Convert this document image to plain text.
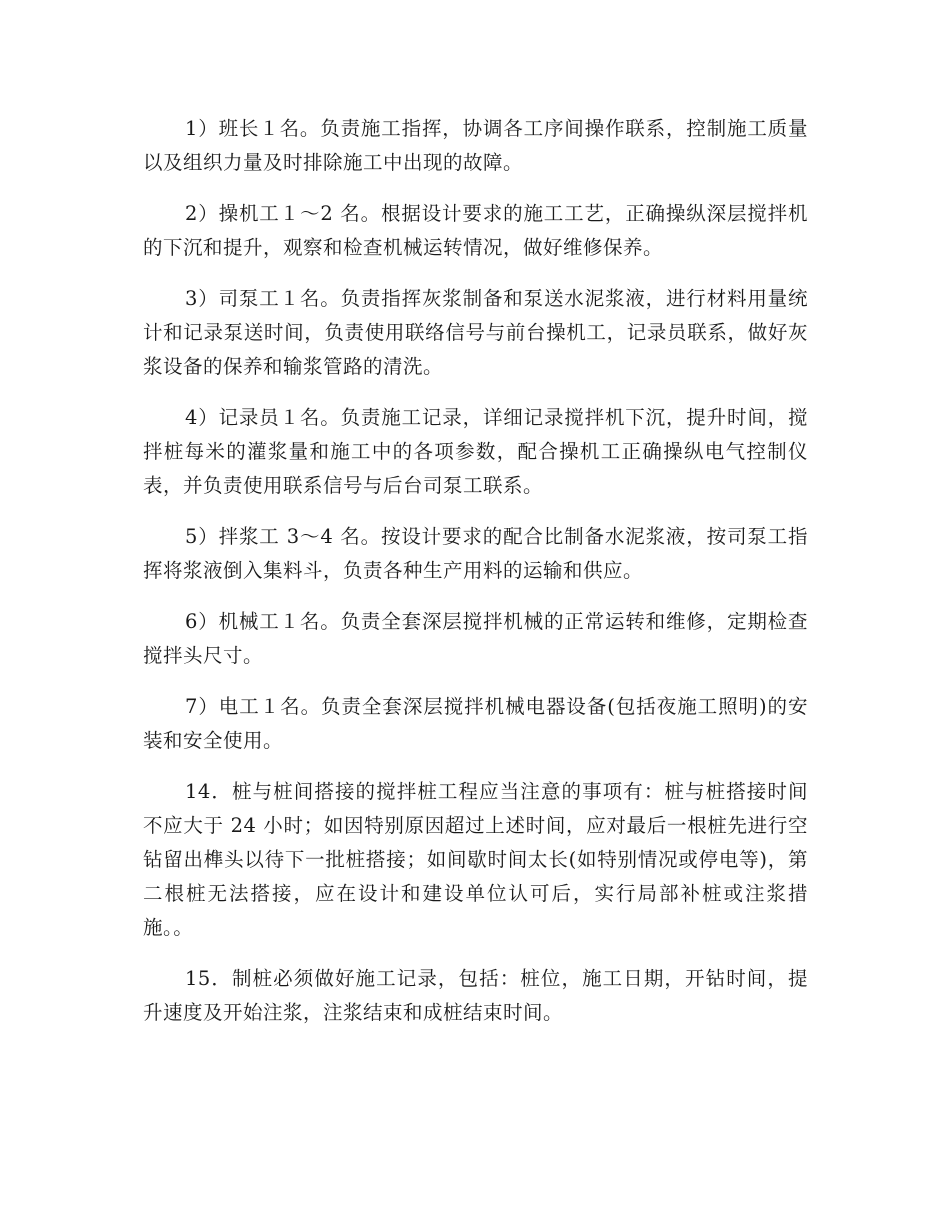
1）班长１名。负责施工指挥，协调各工序间操作联系，控制施工质量以及组织力量及时排除施工中出现的故障。

2）操机工１～2 名。根据设计要求的施工工艺，正确操纵深层搅拌机的下沉和提升，观察和检查机械运转情况，做好维修保养。

3）司泵工１名。负责指挥灰浆制备和泵送水泥浆液，进行材料用量统计和记录泵送时间，负责使用联络信号与前台操机工，记录员联系，做好灰浆设备的保养和输浆管路的清洗。

4）记录员１名。负责施工记录，详细记录搅拌机下沉，提升时间，搅拌桩每米的灌浆量和施工中的各项参数，配合操机工正确操纵电气控制仪表，并负责使用联系信号与后台司泵工联系。

5）拌浆工 3～4 名。按设计要求的配合比制备水泥浆液，按司泵工指挥将浆液倒入集料斗，负责各种生产用料的运输和供应。

6）机械工１名。负责全套深层搅拌机械的正常运转和维修，定期检查搅拌头尺寸。

7）电工１名。负责全套深层搅拌机械电器设备(包括夜施工照明)的安装和安全使用。

14．桩与桩间搭接的搅拌桩工程应当注意的事项有：桩与桩搭接时间不应大于 24 小时；如因特别原因超过上述时间，应对最后一根桩先进行空钻留出榫头以待下一批桩搭接；如间歇时间太长(如特别情况或停电等)，第二根桩无法搭接，应在设计和建设单位认可后，实行局部补桩或注浆措施。。

15．制桩必须做好施工记录，包括：桩位，施工日期，开钻时间，提升速度及开始注浆，注浆结束和成桩结束时间。
